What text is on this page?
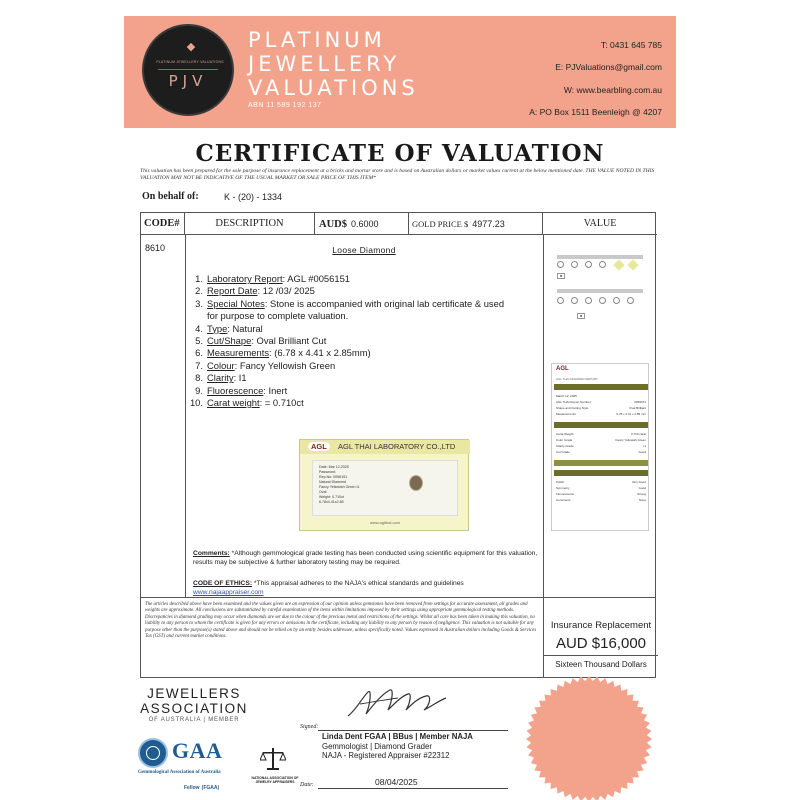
◆
PLATINUM JEWELLERY VALUATIONS
PJV
PLATINUM
JEWELLERY
VALUATIONS
ABN 11 589 192 137
T: 0431 645 785
E: PJValuations@gmail.com
W: www.bearbling.com.au
A: PO Box 1511 Beenleigh @ 4207
CERTIFICATE OF VALUATION
This valuation has been prepared for the sole purpose of insurance replacement at a bricks and mortar store and is based on Australian dollars or market values current at the below mentioned date. THE VALUE NOTED IN THIS VALUATION MAY NOT BE INDICATIVE OF THE USUAL MARKET OR SALE PRICE OF THIS ITEM*
On behalf of:	K - (20) - 1334
CODE#	DESCRIPTION	AUD$ 0.6000	GOLD PRICE $ 4977.23	VALUE
8610	Loose Diamond
1. Laboratory Report : AGL #0056151
2. Report Date : 12 /03/ 2025
3. Special Notes : Stone is accompanied with original lab certificate & used
for purpose to complete valuation.
4. Type : Natural
5. Cut/Shape : Oval Brilliant Cut
6. Measurements : (6.78 x 4.41 x 2.85mm)
7. Colour : Fancy Yellowish Green
8. Clarity : I1
9. Fluorescence : Inert
10. Carat weight : = 0.710ct
AGL	AGL THAI LABORATORY CO.,LTD
Date: Mar 12,2025
Password:
Rep.No: 0056151
Natural Diamond
Fancy Yellowish Green I1
Oval
Weight: 0.710ct
6.78x4.41x2.85
www.aglthai.com
Comments: *Although gemmological grade testing has been conducted using scientific equipment for this valuation, results may be subjective & further laboratory testing may be required.
CODE OF ETHICS: *This appraisal adheres to the NAJA's ethical standards and guidelines
www.najaappraiser.com
■
■
AGL
AGL THAI DIAMOND REPORT
March 12, 2025
AGL THAI Report Number	0056151
Shape and Cutting Style	Oval Brilliant
Measurements	6.78 x 4.41 x 2.85 mm
Carat Weight	0.710 carat
Color Grade	Fancy Yellowish Green
Clarity Grade	I1
Cut Grade	Good
Polish	Very Good
Symmetry	Good
Fluorescence	Strong
Comments	None
The articles described above have been examined and the values given are an expression of our opinion unless gemstones have been removed from settings for accurate assessment, all grades and weights are approximate. All conclusions are substantiated by careful examination of the items within limitations imposed by their settings using appropriate gemmological testing methods. Discrepancies in diamond grading may occur when diamonds are set due to the colour of the precious metal and restrictions of the settings. Whilst all care has been taken in making this valuation, no liability to any person to whom the certificate is given for any errors or omissions in the certificate, including any liability to any person by reason of negligence. This valuation is not suitable for any purpose other than the purpose(s) stated above and should not be relied on by an entity besides addressee, unless specifically noted. Values expressed in Australian dollars including Goods & Services Tax (GST) and current market conditions.
Insurance Replacement
AUD $16,000
Sixteen Thousand Dollars
JEWELLERS
ASSOCIATION
OF AUSTRALIA | MEMBER
GAA
Gemmological Association of Australia
Fellow (FGAA)
NATIONAL ASSOCIATION OF JEWELRY APPRAISERS
Signed:
Linda Dent FGAA | BBus | Member NAJA
Gemmologist | Diamond Grader
NAJA - Registered Appraiser #22312
Date:	08/04/2025
